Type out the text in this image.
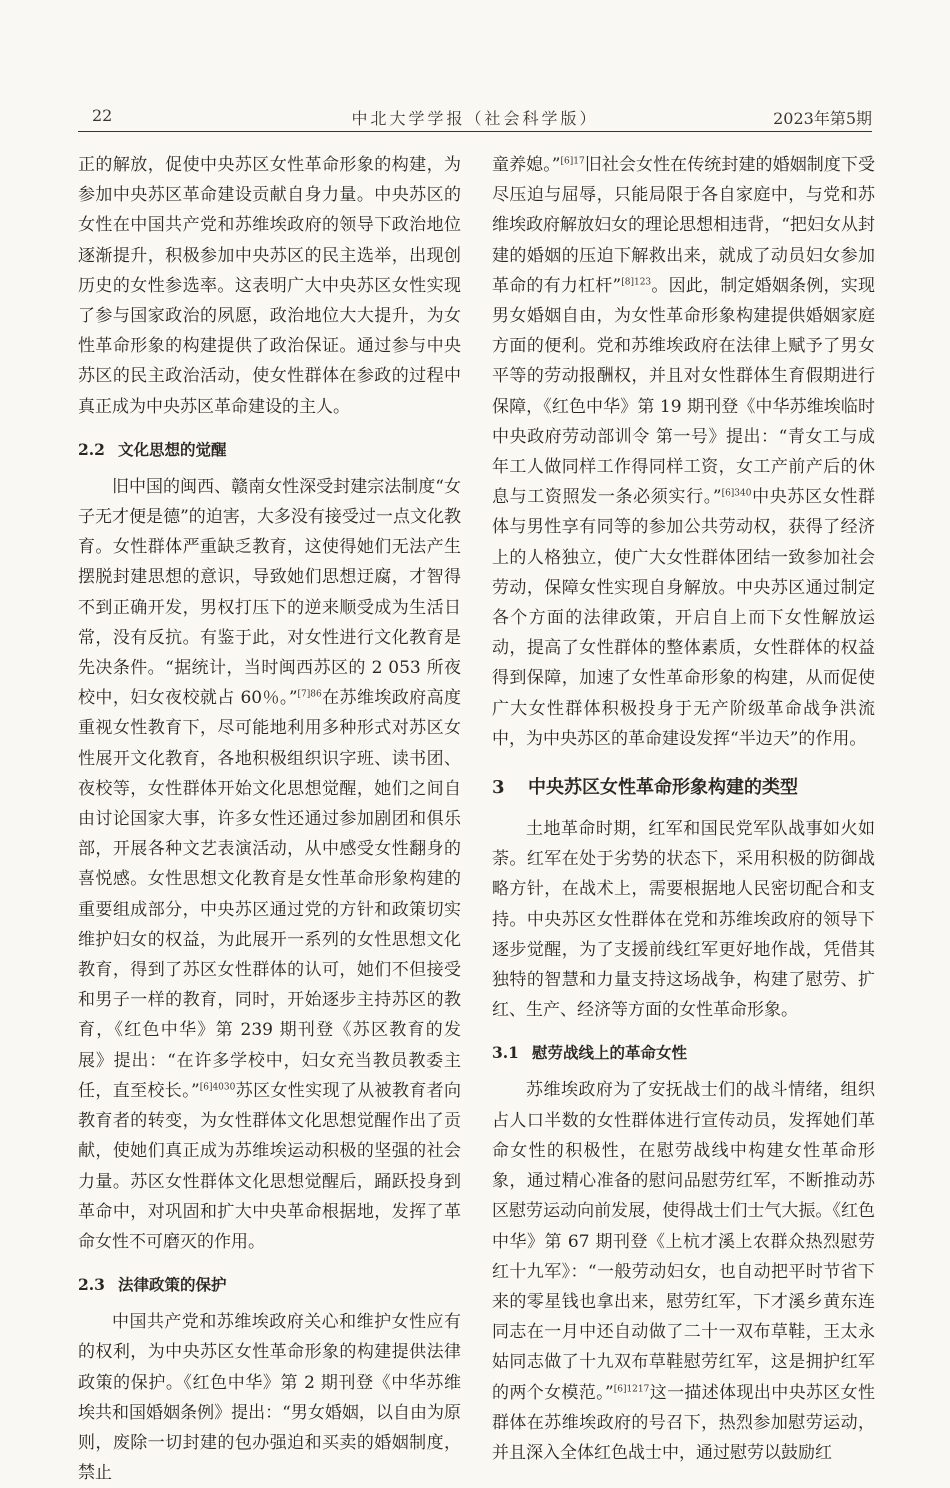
22	中北大学学报（社会科学版）	2023年第5期

正的解放，促使中央苏区女性革命形象的构建，为参加中央苏区革命建设贡献自身力量。中央苏区的女性在中国共产党和苏维埃政府的领导下政治地位逐渐提升，积极参加中央苏区的民主选举，出现创历史的女性参选率。这表明广大中央苏区女性实现了参与国家政治的夙愿，政治地位大大提升，为女性革命形象的构建提供了政治保证。通过参与中央苏区的民主政治活动，使女性群体在参政的过程中真正成为中央苏区革命建设的主人。

2.2 文化思想的觉醒

旧中国的闽西、赣南女性深受封建宗法制度“女子无才便是德”的迫害，大多没有接受过一点文化教育。女性群体严重缺乏教育，这使得她们无法产生摆脱封建思想的意识，导致她们思想迂腐，才智得不到正确开发，男权打压下的逆来顺受成为生活日常，没有反抗。有鉴于此，对女性进行文化教育是先决条件。“据统计，当时闽西苏区的 2 053 所夜校中，妇女夜校就占 60％。”$^{[7]86}$在苏维埃政府高度重视女性教育下，尽可能地利用多种形式对苏区女性展开文化教育，各地积极组织识字班、读书团、夜校等，女性群体开始文化思想觉醒，她们之间自由讨论国家大事，许多女性还通过参加剧团和俱乐部，开展各种文艺表演活动，从中感受女性翻身的喜悦感。女性思想文化教育是女性革命形象构建的重要组成部分，中央苏区通过党的方针和政策切实维护妇女的权益，为此展开一系列的女性思想文化教育，得到了苏区女性群体的认可，她们不但接受和男子一样的教育，同时，开始逐步主持苏区的教育，《红色中华》第 239 期刊登《苏区教育的发展》提出：“在许多学校中，妇女充当教员教委主任，直至校长。”$^{[6]4030}$苏区女性实现了从被教育者向教育者的转变，为女性群体文化思想觉醒作出了贡献，使她们真正成为苏维埃运动积极的坚强的社会力量。苏区女性群体文化思想觉醒后，踊跃投身到革命中，对巩固和扩大中央革命根据地，发挥了革命女性不可磨灭的作用。

2.3 法律政策的保护

中国共产党和苏维埃政府关心和维护女性应有的权利，为中央苏区女性革命形象的构建提供法律政策的保护。《红色中华》第 2 期刊登《中华苏维埃共和国婚姻条例》提出：“男女婚姻，以自由为原则，废除一切封建的包办强迫和买卖的婚姻制度，禁止

童养媳。”$^{[6]17}$旧社会女性在传统封建的婚姻制度下受尽压迫与屈辱，只能局限于各自家庭中，与党和苏维埃政府解放妇女的理论思想相违背，“把妇女从封建的婚姻的压迫下解救出来，就成了动员妇女参加革命的有力杠杆”$^{[8]123}$。因此，制定婚姻条例，实现男女婚姻自由，为女性革命形象构建提供婚姻家庭方面的便利。党和苏维埃政府在法律上赋予了男女平等的劳动报酬权，并且对女性群体生育假期进行保障，《红色中华》第 19 期刊登《中华苏维埃临时中央政府劳动部训令 第一号》提出：“青女工与成年工人做同样工作得同样工资，女工产前产后的休息与工资照发一条必须实行。”$^{[6]340}$中央苏区女性群体与男性享有同等的参加公共劳动权，获得了经济上的人格独立，使广大女性群体团结一致参加社会劳动，保障女性实现自身解放。中央苏区通过制定各个方面的法律政策，开启自上而下女性解放运动，提高了女性群体的整体素质，女性群体的权益得到保障，加速了女性革命形象的构建，从而促使广大女性群体积极投身于无产阶级革命战争洪流中，为中央苏区的革命建设发挥“半边天”的作用。

3 中央苏区女性革命形象构建的类型

土地革命时期，红军和国民党军队战事如火如荼。红军在处于劣势的状态下，采用积极的防御战略方针，在战术上，需要根据地人民密切配合和支持。中央苏区女性群体在党和苏维埃政府的领导下逐步觉醒，为了支援前线红军更好地作战，凭借其独特的智慧和力量支持这场战争，构建了慰劳、扩红、生产、经济等方面的女性革命形象。

3.1 慰劳战线上的革命女性

苏维埃政府为了安抚战士们的战斗情绪，组织占人口半数的女性群体进行宣传动员，发挥她们革命女性的积极性，在慰劳战线中构建女性革命形象，通过精心准备的慰问品慰劳红军，不断推动苏区慰劳运动向前发展，使得战士们士气大振。《红色中华》第 67 期刊登《上杭才溪上农群众热烈慰劳红十九军》：“一般劳动妇女，也自动把平时节省下来的零星钱也拿出来，慰劳红军，下才溪乡黄东连同志在一月中还自动做了二十一双布草鞋，王太永姑同志做了十九双布草鞋慰劳红军，这是拥护红军的两个女模范。”$^{[6]1217}$这一描述体现出中央苏区女性群体在苏维埃政府的号召下，热烈参加慰劳运动，并且深入全体红色战士中，通过慰劳以鼓励红
